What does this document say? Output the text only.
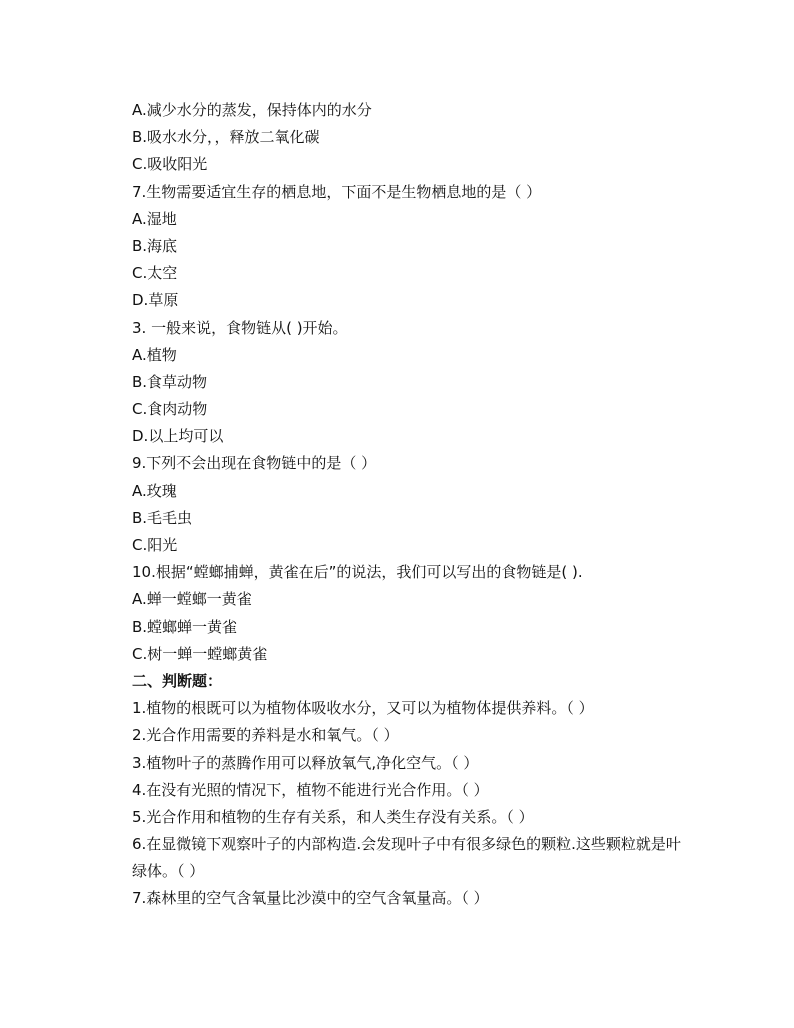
A.减少水分的蒸发，保持体内的水分
B.吸水水分，，释放二氧化碳
C.吸收阳光
7.生物需要适宜生存的栖息地，下面不是生物栖息地的是（ ）
A.湿地
B.海底
C.太空
D.草原
3. 一般来说，食物链从( )开始。
A.植物
B.食草动物
C.食肉动物
D.以上均可以
9.下列不会出现在食物链中的是（ ）
A.玫瑰
B.毛毛虫
C.阳光
10.根据“螳螂捕蝉，黄雀在后”的说法，我们可以写出的食物链是( ).
A.蝉一螳螂一黄雀
B.螳螂蝉一黄雀
C.树一蝉一螳螂黄雀
二、判断题：
1.植物的根既可以为植物体吸收水分，又可以为植物体提供养料。（ ）
2.光合作用需要的养料是水和氧气。（ ）
3.植物叶子的蒸腾作用可以释放氧气,净化空气。（ ）
4.在没有光照的情况下，植物不能进行光合作用。（ ）
5.光合作用和植物的生存有关系，和人类生存没有关系。（ ）
6.在显微镜下观察叶子的内部构造.会发现叶子中有很多绿色的颗粒.这些颗粒就是叶绿体。（ ）
7.森林里的空气含氧量比沙漠中的空气含氧量高。（ ）
